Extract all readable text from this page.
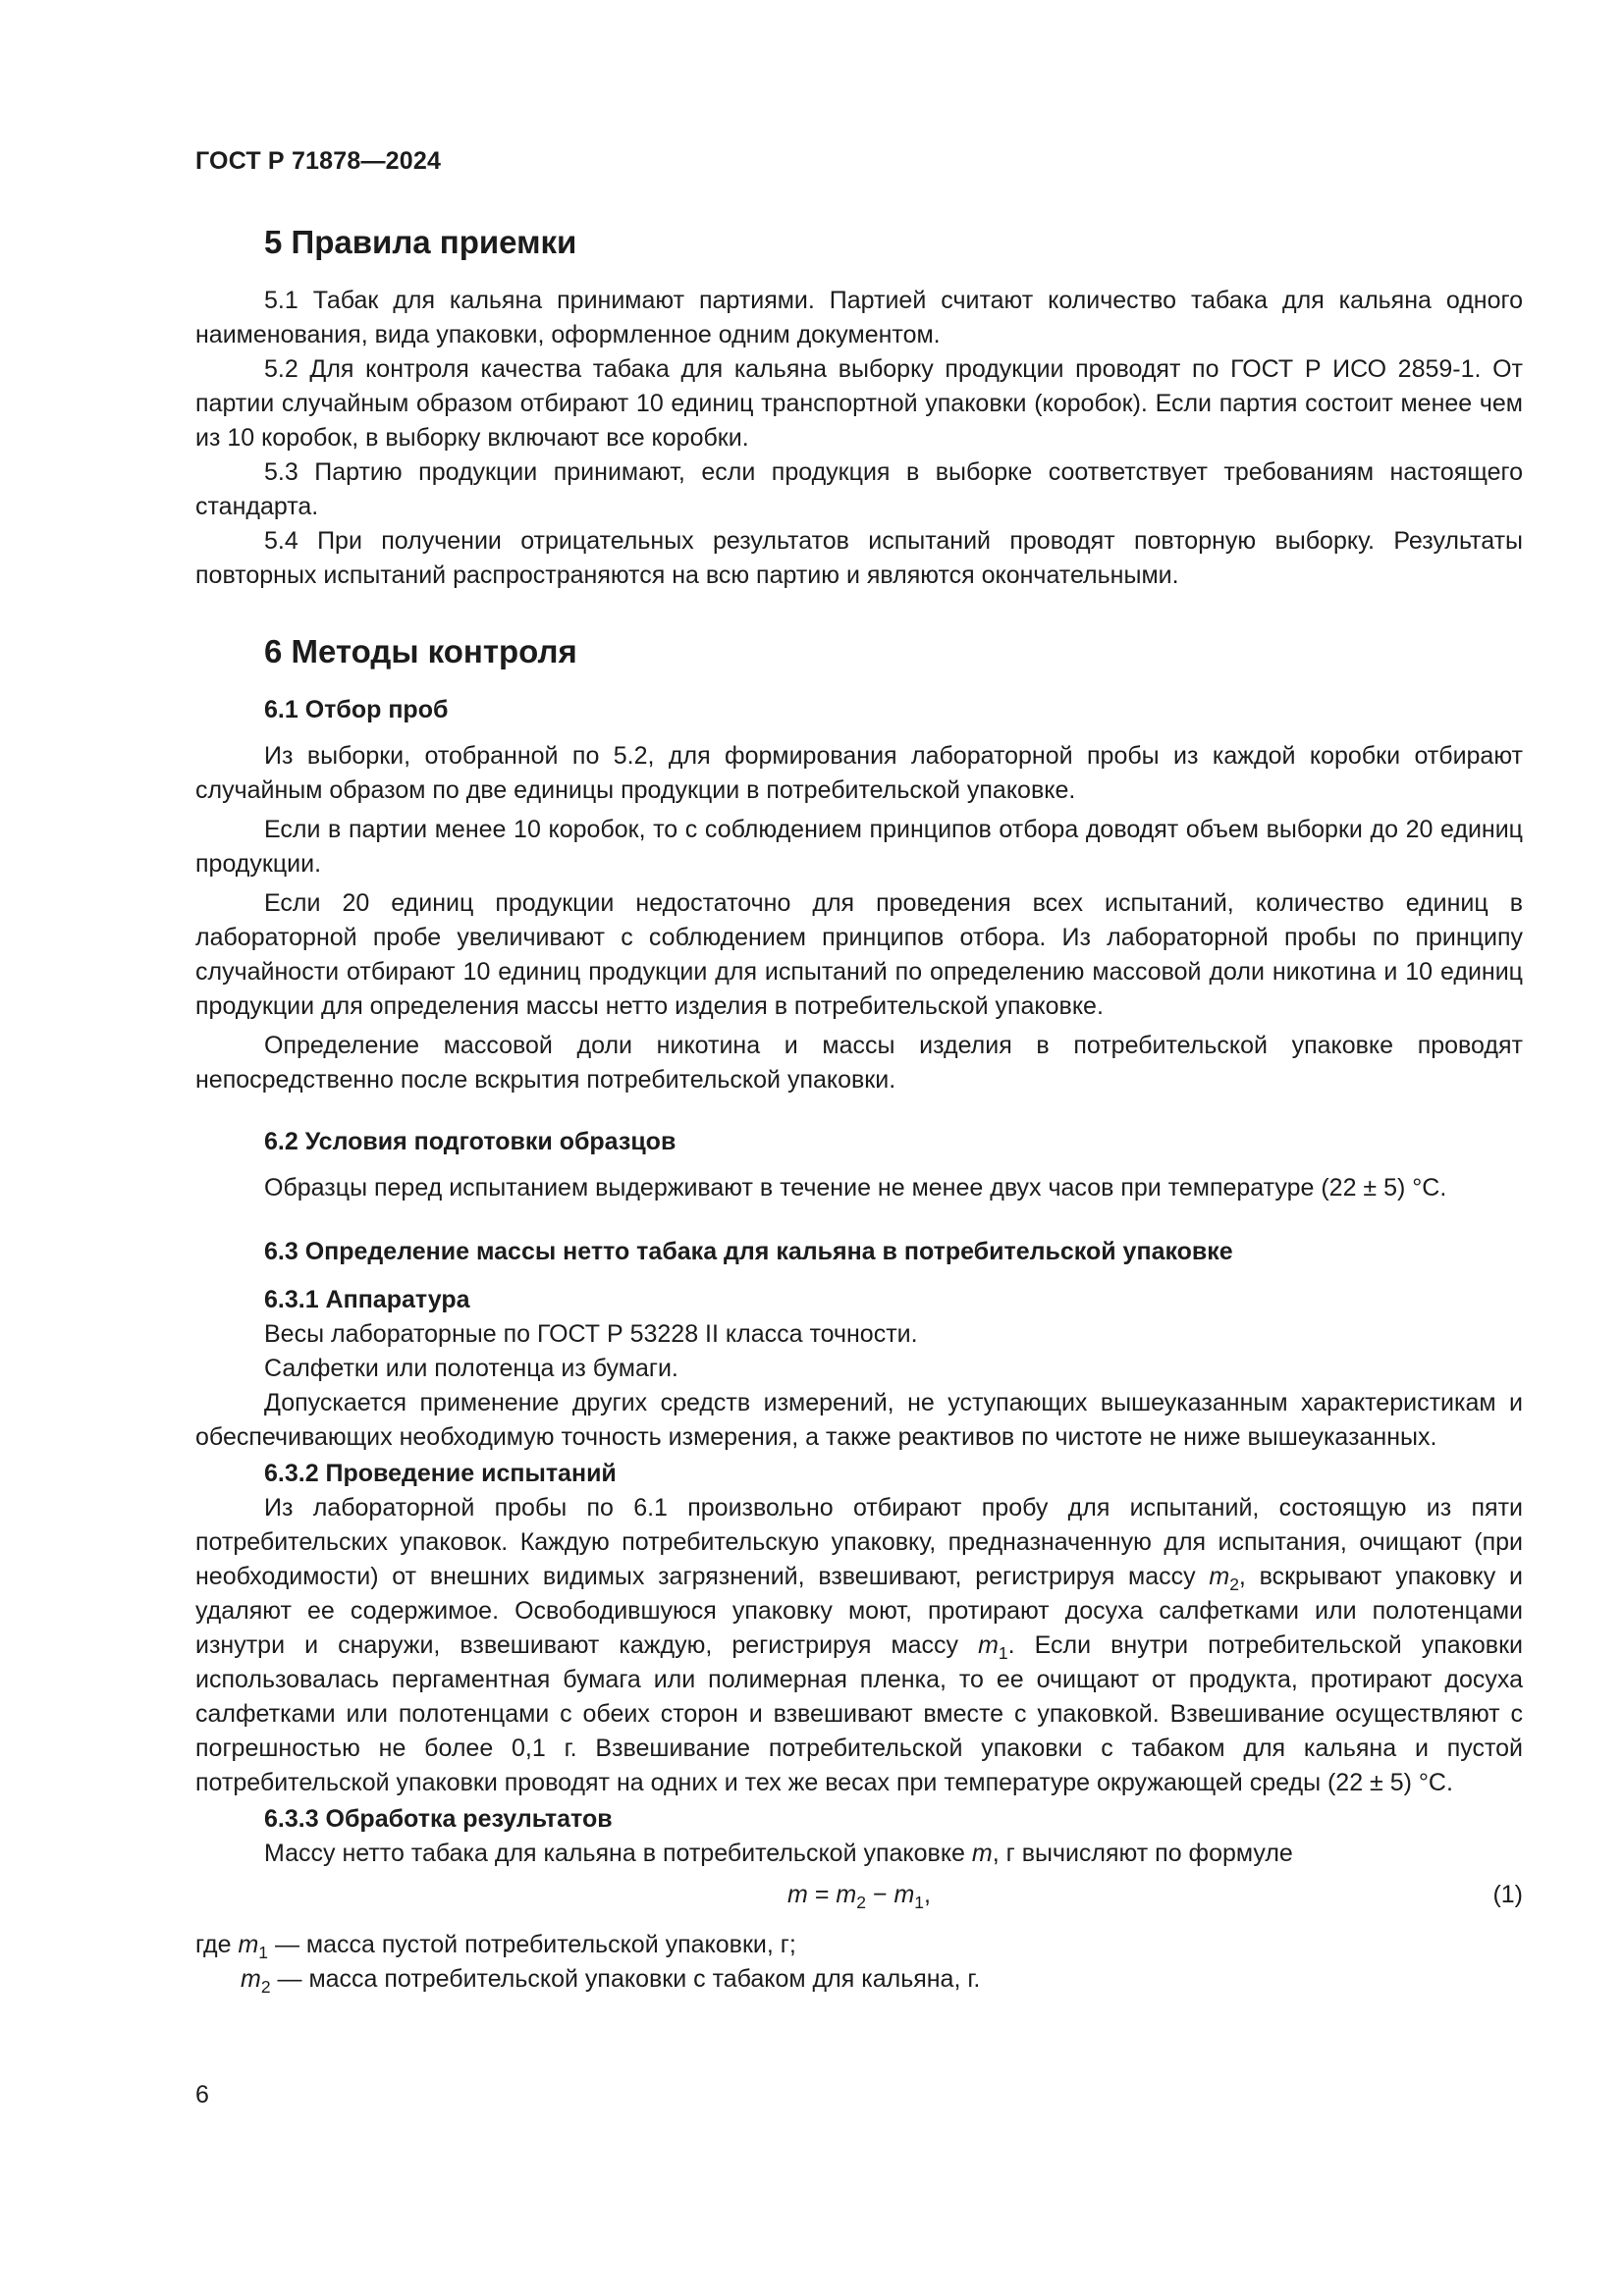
ГОСТ Р 71878—2024
5 Правила приемки

5.1 Табак для кальяна принимают партиями. Партией считают количество табака для кальяна одного наименования, вида упаковки, оформленное одним документом.

5.2 Для контроля качества табака для кальяна выборку продукции проводят по ГОСТ Р ИСО 2859-1. От партии случайным образом отбирают 10 единиц транспортной упаковки (коробок). Если партия состоит менее чем из 10 коробок, в выборку включают все коробки.

5.3 Партию продукции принимают, если продукция в выборке соответствует требованиям настоящего стандарта.

5.4 При получении отрицательных результатов испытаний проводят повторную выборку. Результаты повторных испытаний распространяются на всю партию и являются окончательными.

6 Методы контроля
6.1 Отбор проб

Из выборки, отобранной по 5.2, для формирования лабораторной пробы из каждой коробки отбирают случайным образом по две единицы продукции в потребительской упаковке.

Если в партии менее 10 коробок, то с соблюдением принципов отбора доводят объем выборки до 20 единиц продукции.

Если 20 единиц продукции недостаточно для проведения всех испытаний, количество единиц в лабораторной пробе увеличивают с соблюдением принципов отбора. Из лабораторной пробы по принципу случайности отбирают 10 единиц продукции для испытаний по определению массовой доли никотина и 10 единиц продукции для определения массы нетто изделия в потребительской упаковке.

Определение массовой доли никотина и массы изделия в потребительской упаковке проводят непосредственно после вскрытия потребительской упаковки.

6.2 Условия подготовки образцов

Образцы перед испытанием выдерживают в течение не менее двух часов при температуре (22 ± 5) °С.

6.3 Определение массы нетто табака для кальяна в потребительской упаковке
6.3.1 Аппаратура

Весы лабораторные по ГОСТ Р 53228 II класса точности.

Салфетки или полотенца из бумаги.

Допускается применение других средств измерений, не уступающих вышеуказанным характеристикам и обеспечивающих необходимую точность измерения, а также реактивов по чистоте не ниже вышеуказанных.

6.3.2 Проведение испытаний

Из лабораторной пробы по 6.1 произвольно отбирают пробу для испытаний, состоящую из пяти потребительских упаковок. Каждую потребительскую упаковку, предназначенную для испытания, очищают (при необходимости) от внешних видимых загрязнений, взвешивают, регистрируя массу $m_2$, вскрывают упаковку и удаляют ее содержимое. Освободившуюся упаковку моют, протирают досуха салфетками или полотенцами изнутри и снаружи, взвешивают каждую, регистрируя массу $m_1$. Если внутри потребительской упаковки использовалась пергаментная бумага или полимерная пленка, то ее очищают от продукта, протирают досуха салфетками или полотенцами с обеих сторон и взвешивают вместе с упаковкой. Взвешивание осуществляют с погрешностью не более 0,1 г. Взвешивание потребительской упаковки с табаком для кальяна и пустой потребительской упаковки проводят на одних и тех же весах при температуре окружающей среды (22 ± 5) °С.

6.3.3 Обработка результатов

Массу нетто табака для кальяна в потребительской упаковке m, г вычисляют по формуле

$m = m_2 - m_1$,	(1)

где $m_1$ — масса пустой потребительской упаковки, г;

$m_2$ — масса потребительской упаковки с табаком для кальяна, г.

6
